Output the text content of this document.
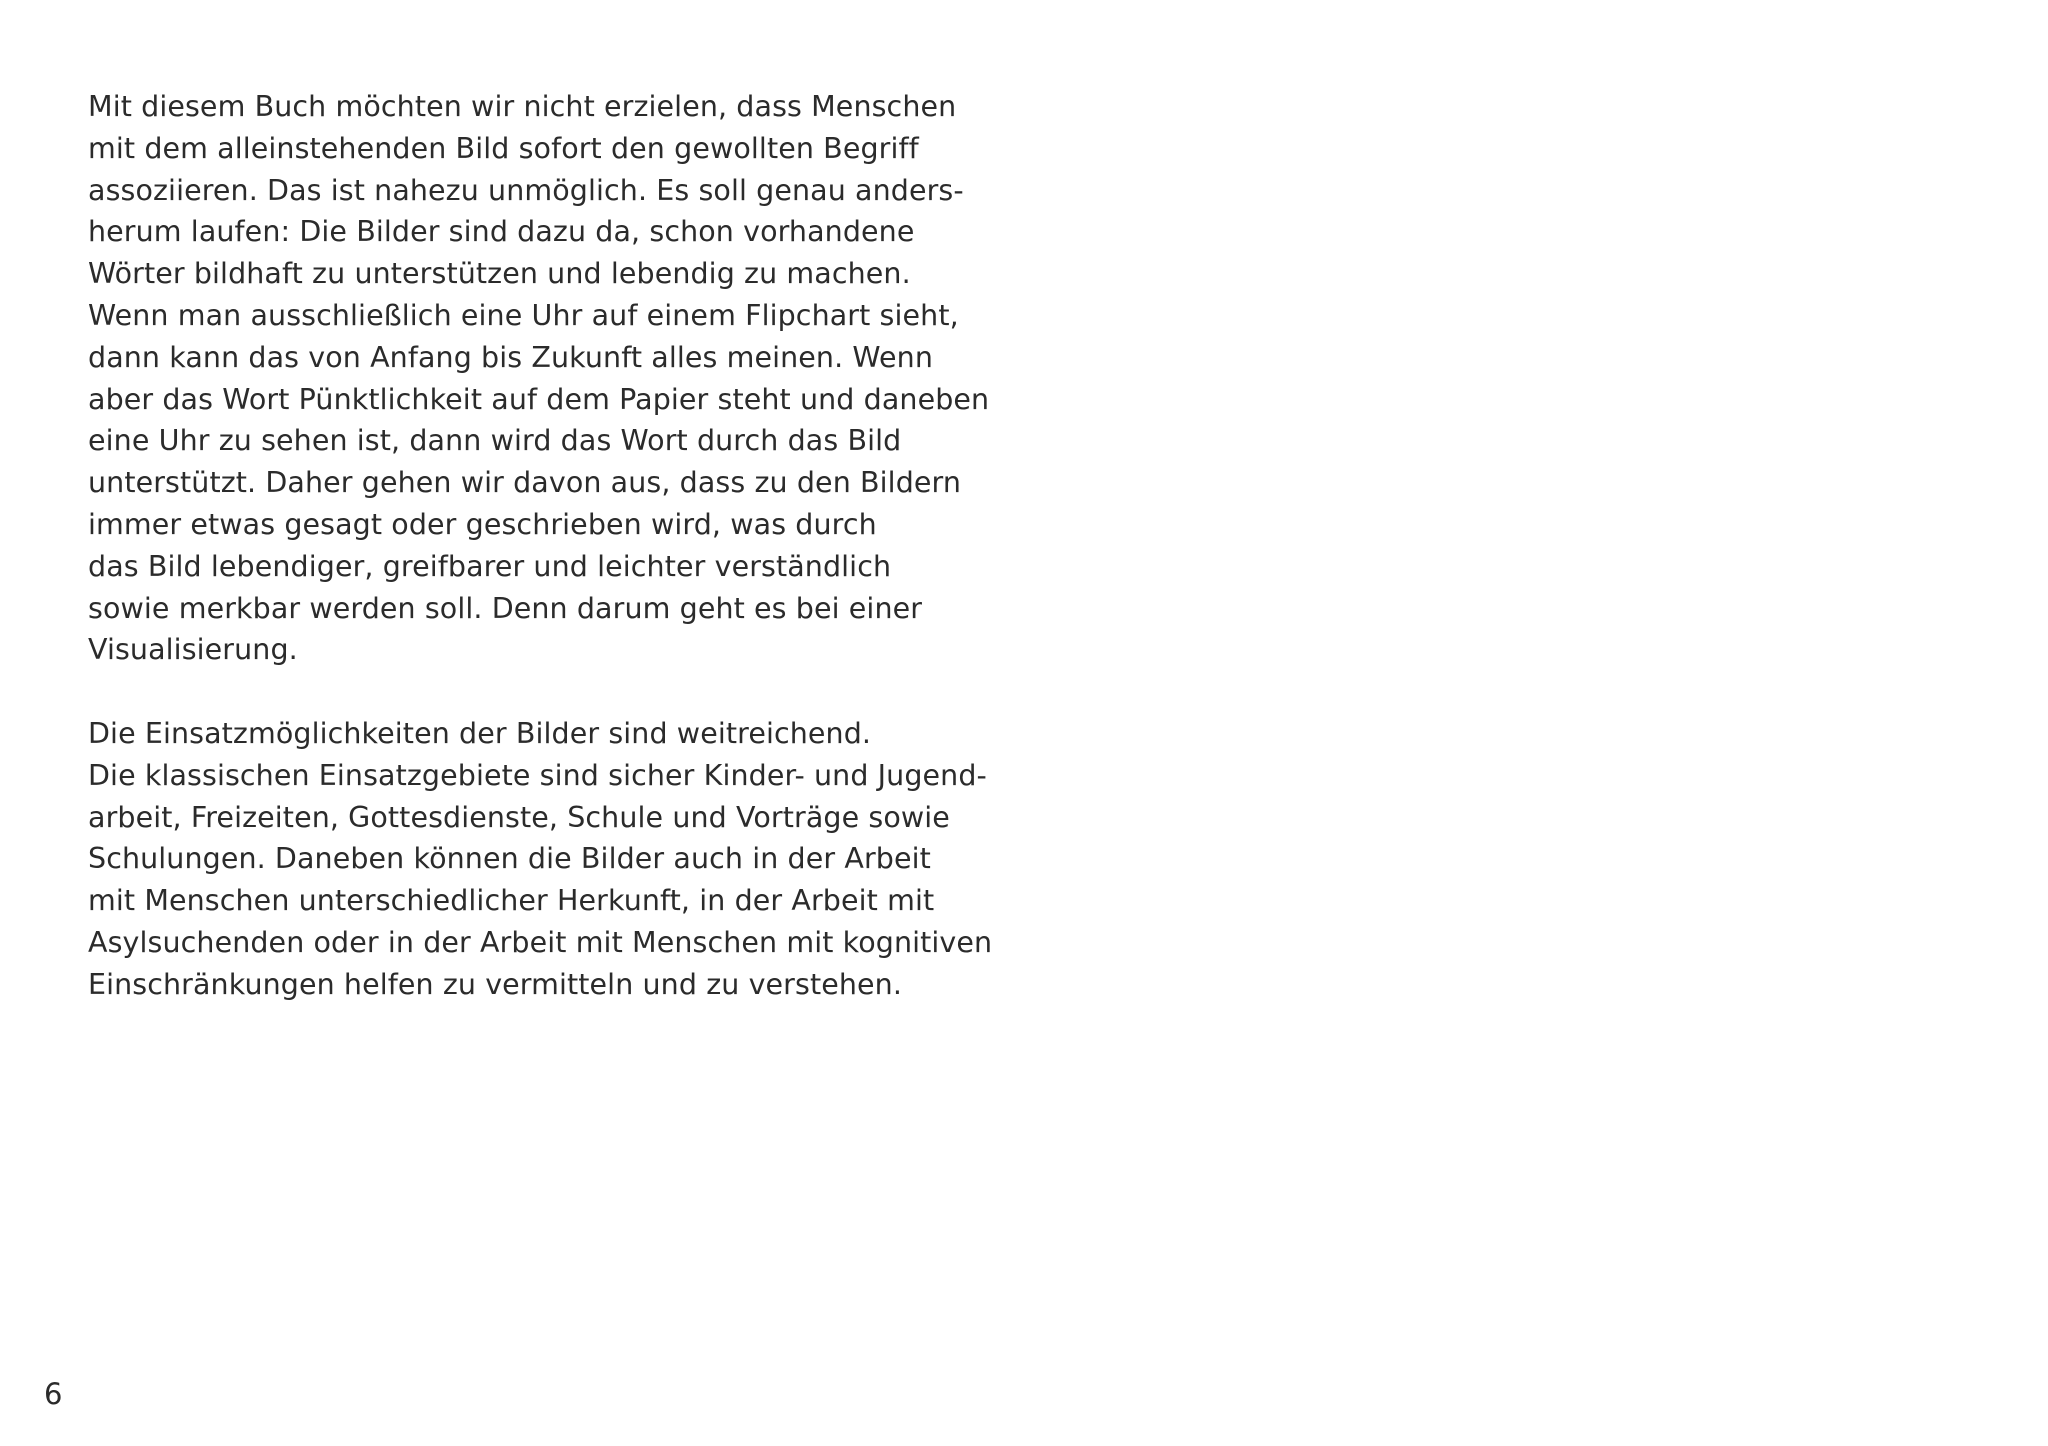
Mit diesem Buch möchten wir nicht erzielen, dass Menschen
mit dem alleinstehenden Bild sofort den gewollten Begriff
assoziieren. Das ist nahezu unmöglich. Es soll genau anders-
herum laufen: Die Bilder sind dazu da, schon vorhandene
Wörter bildhaft zu unterstützen und lebendig zu machen.
Wenn man ausschließlich eine Uhr auf einem Flipchart sieht,
dann kann das von Anfang bis Zukunft alles meinen. Wenn
aber das Wort Pünktlichkeit auf dem Papier steht und daneben
eine Uhr zu sehen ist, dann wird das Wort durch das Bild
unterstützt. Daher gehen wir davon aus, dass zu den Bildern
immer etwas gesagt oder geschrieben wird, was durch
das Bild lebendiger, greifbarer und leichter verständlich
sowie merkbar werden soll. Denn darum geht es bei einer
Visualisierung.

Die Einsatzmöglichkeiten der Bilder sind weitreichend.
Die klassischen Einsatzgebiete sind sicher Kinder- und Jugend-
arbeit, Freizeiten, Gottesdienste, Schule und Vorträge sowie
Schulungen. Daneben können die Bilder auch in der Arbeit
mit Menschen unterschiedlicher Herkunft, in der Arbeit mit
Asylsuchenden oder in der Arbeit mit Menschen mit kognitiven
Einschränkungen helfen zu vermitteln und zu verstehen.

6
